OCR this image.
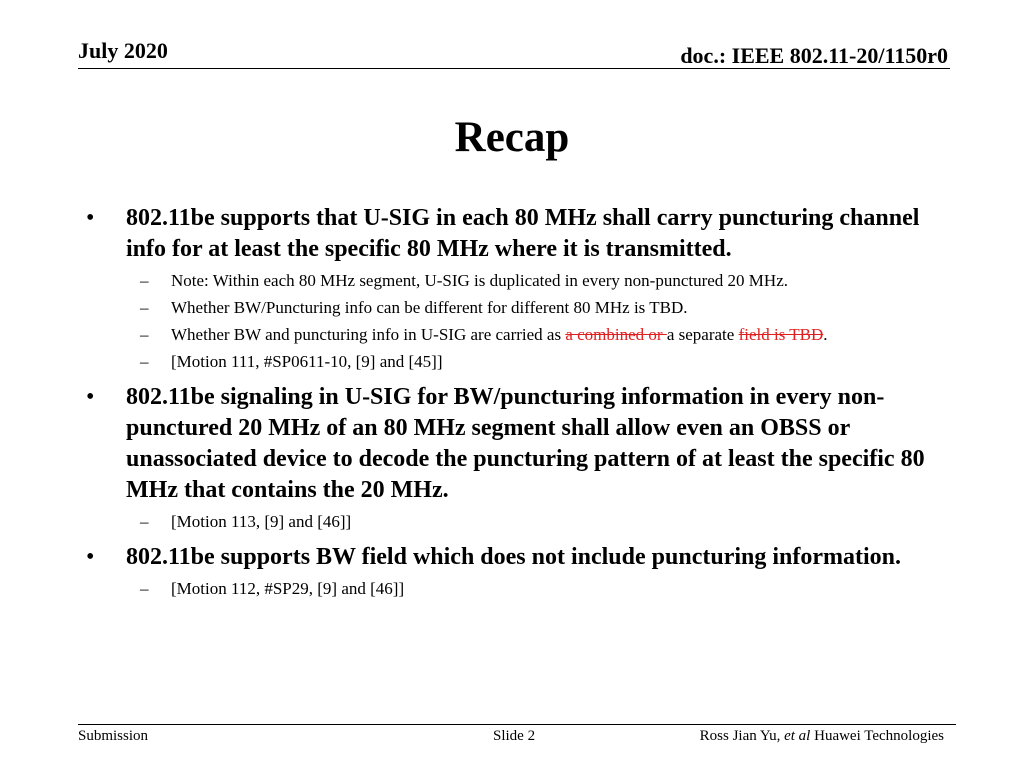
July 2020	doc.: IEEE 802.11-20/1150r0
Recap
• 802.11be supports that U-SIG in each 80 MHz shall carry puncturing channel info for at least the specific 80 MHz where it is transmitted.
– Note: Within each 80 MHz segment, U-SIG is duplicated in every non-punctured 20 MHz.
– Whether BW/Puncturing info can be different for different 80 MHz is TBD.
– Whether BW and puncturing info in U-SIG are carried as a combined or a separate field is TBD.
– [Motion 111, #SP0611-10, [9] and [45]]
• 802.11be signaling in U-SIG for BW/puncturing information in every non-punctured 20 MHz of an 80 MHz segment shall allow even an OBSS or unassociated device to decode the puncturing pattern of at least the specific 80 MHz that contains the 20 MHz.
– [Motion 113, [9] and [46]]
• 802.11be supports BW field which does not include puncturing information.
– [Motion 112, #SP29, [9] and [46]]
Submission	Slide 2	Ross Jian Yu, et al Huawei Technologies
